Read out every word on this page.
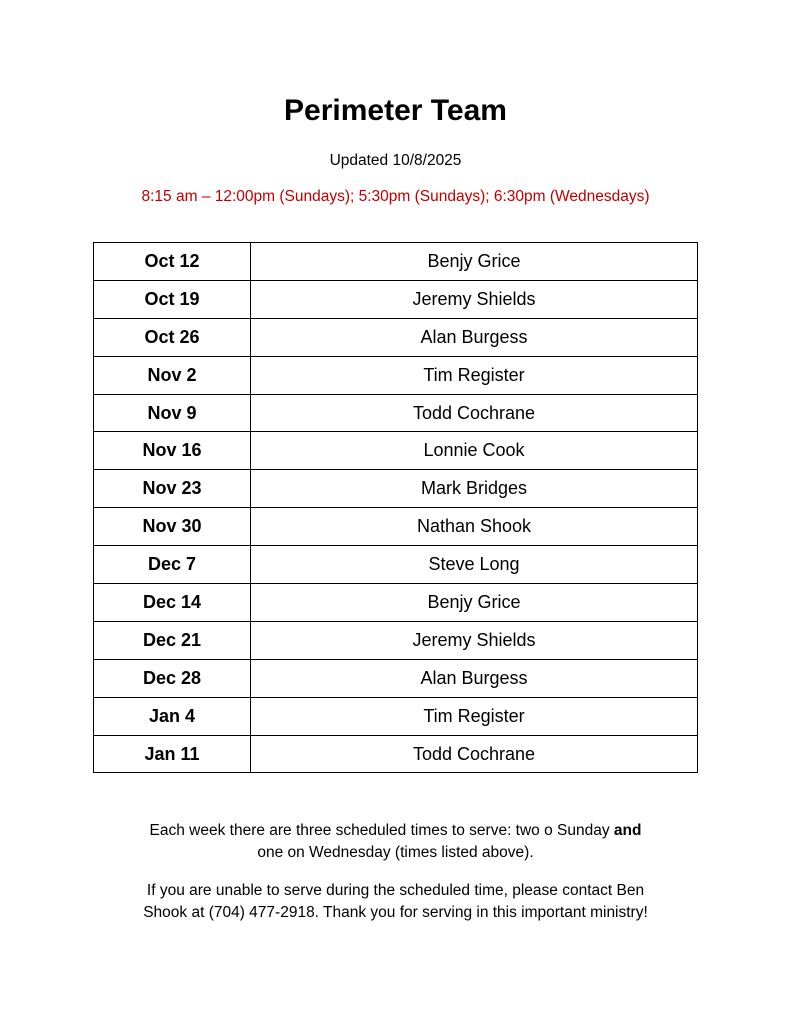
Perimeter Team
Updated 10/8/2025
8:15 am – 12:00pm (Sundays); 5:30pm (Sundays); 6:30pm (Wednesdays)
Oct 12	Benjy Grice
Oct 19	Jeremy Shields
Oct 26	Alan Burgess
Nov 2	Tim Register
Nov 9	Todd Cochrane
Nov 16	Lonnie Cook
Nov 23	Mark Bridges
Nov 30	Nathan Shook
Dec 7	Steve Long
Dec 14	Benjy Grice
Dec 21	Jeremy Shields
Dec 28	Alan Burgess
Jan 4	Tim Register
Jan 11	Todd Cochrane
Each week there are three scheduled times to serve: two o Sunday and
one on Wednesday (times listed above).
If you are unable to serve during the scheduled time, please contact Ben
Shook at (704) 477-2918. Thank you for serving in this important ministry!
